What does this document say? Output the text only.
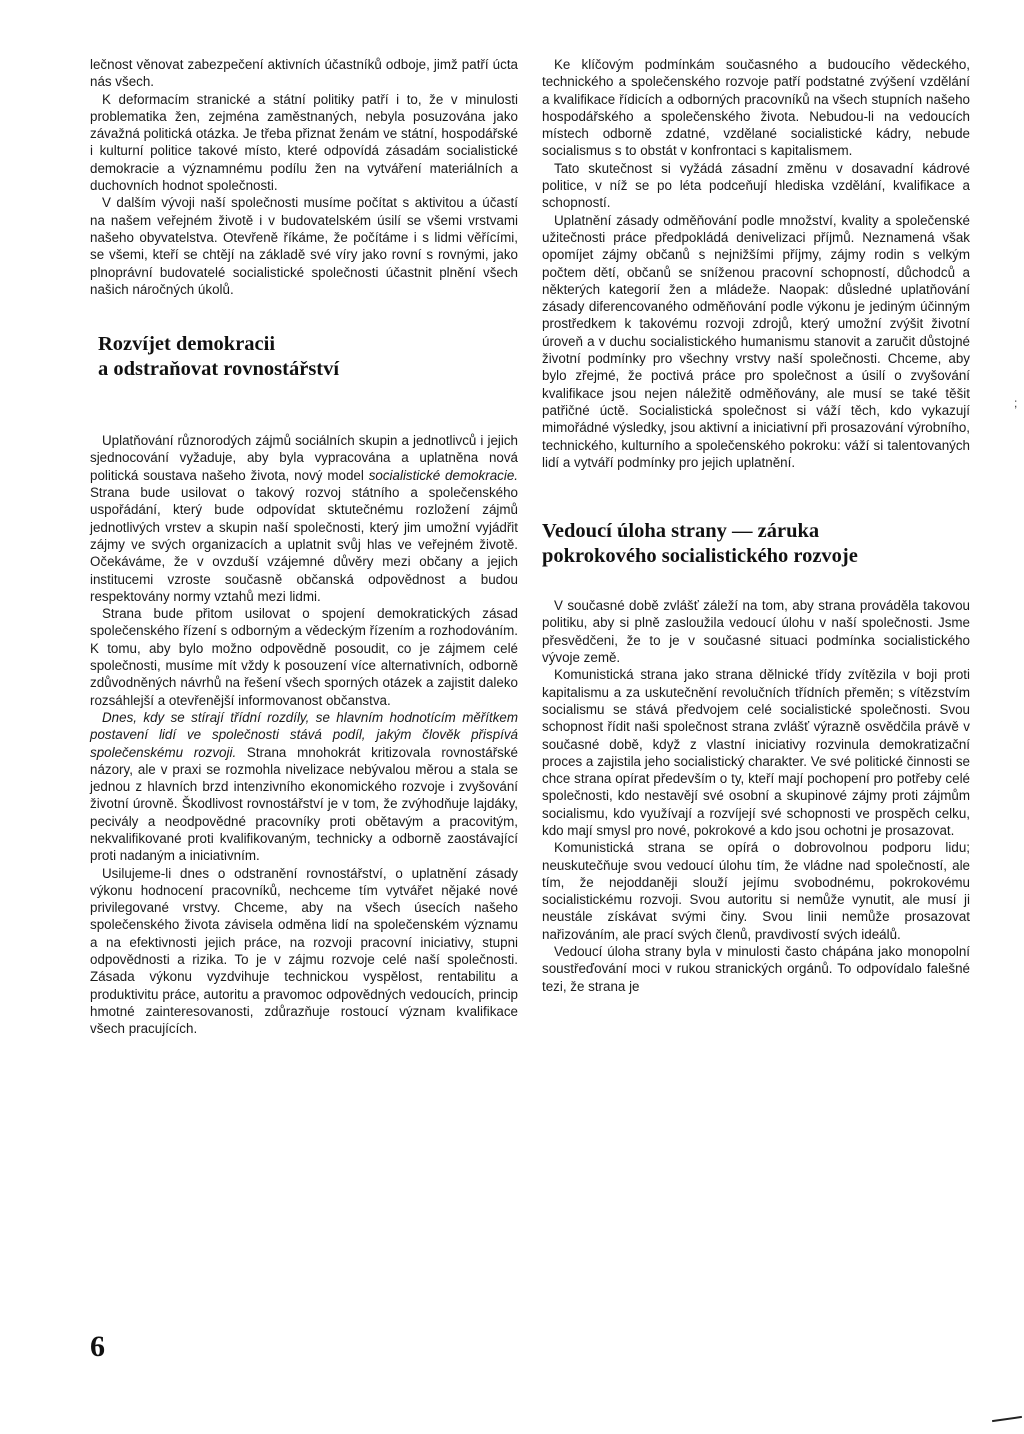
lečnost věnovat zabezpečení aktivních účastníků odboje, jimž patří úcta nás všech.

K deformacím stranické a státní politiky patří i to, že v minulosti problematika žen, zejména zaměstnaných, nebyla posuzována jako závažná politická otázka. Je třeba přiznat ženám ve státní, hospodářské i kulturní politice takové místo, které odpovídá zásadám socialistické demokracie a významnému podílu žen na vytváření materiálních a duchovních hodnot společnosti.

V dalším vývoji naší společnosti musíme počítat s aktivitou a účastí na našem veřejném životě i v budovatelském úsilí se všemi vrstvami našeho obyvatelstva. Otevřeně říkáme, že počítáme i s lidmi věřícími, se všemi, kteří se chtějí na základě své víry jako rovní s rovnými, jako plnoprávní budovatelé socialistické společnosti účastnit plnění všech našich náročných úkolů.

Rozvíjet demokracii
a odstraňovat rovnostářství

Uplatňování různorodých zájmů sociálních skupin a jednotlivců i jejich sjednocování vyžaduje, aby byla vypracována a uplatněna nová politická soustava našeho života, nový model socialistické demokracie. Strana bude usilovat o takový rozvoj státního a společenského uspořádání, který bude odpovídat sktutečnému rozložení zájmů jednotlivých vrstev a skupin naší společnosti, který jim umožní vyjádřit zájmy ve svých organizacích a uplatnit svůj hlas ve veřejném životě. Očekáváme, že v ovzduší vzájemné důvěry mezi občany a jejich institucemi vzroste současně občanská odpovědnost a budou respektovány normy vztahů mezi lidmi.

Strana bude přitom usilovat o spojení demokratických zásad společenského řízení s odborným a vědeckým řízením a rozhodováním. K tomu, aby bylo možno odpovědně posoudit, co je zájmem celé společnosti, musíme mít vždy k posouzení více alternativních, odborně zdůvodněných návrhů na řešení všech sporných otázek a zajistit daleko rozsáhlejší a otevřenější informovanost občanstva.

Dnes, kdy se stírají třídní rozdíly, se hlavním hodnotícím měřítkem postavení lidí ve společnosti stává podíl, jakým člověk přispívá společenskému rozvoji. Strana mnohokrát kritizovala rovnostářské názory, ale v praxi se rozmohla nivelizace nebývalou měrou a stala se jednou z hlavních brzd intenzivního ekonomického rozvoje i zvyšování životní úrovně. Škodlivost rovnostářství je v tom, že zvýhodňuje lajdáky, pecivály a neodpovědné pracovníky proti obětavým a pracovitým, nekvalifikované proti kvalifikovaným, technicky a odborně zaostávající proti nadaným a iniciativním.

Usilujeme-li dnes o odstranění rovnostářství, o uplatnění zásady výkonu hodnocení pracovníků, nechceme tím vytvářet nějaké nové privilegované vrstvy. Chceme, aby na všech úsecích našeho společenského života závisela odměna lidí na společenském významu a na efektivnosti jejich práce, na rozvoji pracovní iniciativy, stupni odpovědnosti a rizika. To je v zájmu rozvoje celé naší společnosti. Zásada výkonu vyzdvihuje technickou vyspělost, rentabilitu a produktivitu práce, autoritu a pravomoc odpovědných vedoucích, princip hmotné zainteresovanosti, zdůrazňuje rostoucí význam kvalifikace všech pracujících.

Ke klíčovým podmínkám současného a budoucího vědeckého, technického a společenského rozvoje patří podstatné zvýšení vzdělání a kvalifikace řídicích a odborných pracovníků na všech stupních našeho hospodářského a společenského života. Nebudou-li na vedoucích místech odborně zdatné, vzdělané socialistické kádry, nebude socialismus s to obstát v konfrontaci s kapitalismem.

Tato skutečnost si vyžádá zásadní změnu v dosavadní kádrové politice, v níž se po léta podceňují hlediska vzdělání, kvalifikace a schopností.

Uplatnění zásady odměňování podle množství, kvality a společenské užitečnosti práce předpokládá denivelizaci příjmů. Neznamená však opomíjet zájmy občanů s nejnižšími příjmy, zájmy rodin s velkým počtem dětí, občanů se sníženou pracovní schopností, důchodců a některých kategorií žen a mládeže. Naopak: důsledné uplatňování zásady diferencovaného odměňování podle výkonu je jediným účinným prostředkem k takovému rozvoji zdrojů, který umožní zvýšit životní úroveň a v duchu socialistického humanismu stanovit a zaručit důstojné životní podmínky pro všechny vrstvy naší společnosti. Chceme, aby bylo zřejmé, že poctivá práce pro společnost a úsilí o zvyšování kvalifikace jsou nejen náležitě odměňovány, ale musí se také těšit patřičné úctě. Socialistická společnost si váží těch, kdo vykazují mimořádné výsledky, jsou aktivní a iniciativní při prosazování výrobního, technického, kulturního a společenského pokroku: váží si talentovaných lidí a vytváří podmínky pro jejich uplatnění.

Vedoucí úloha strany — záruka
pokrokového socialistického rozvoje

V současné době zvlášť záleží na tom, aby strana prováděla takovou politiku, aby si plně zasloužila vedoucí úlohu v naší společnosti. Jsme přesvědčeni, že to je v současné situaci podmínka socialistického vývoje země.

Komunistická strana jako strana dělnické třídy zvítězila v boji proti kapitalismu a za uskutečnění revolučních třídních přeměn; s vítězstvím socialismu se stává předvojem celé socialistické společnosti. Svou schopnost řídit naši společnost strana zvlášť výrazně osvědčila právě v současné době, když z vlastní iniciativy rozvinula demokratizační proces a zajistila jeho socialistický charakter. Ve své politické činnosti se chce strana opírat především o ty, kteří mají pochopení pro potřeby celé společnosti, kdo nestavějí své osobní a skupinové zájmy proti zájmům socialismu, kdo využívají a rozvíjejí své schopnosti ve prospěch celku, kdo mají smysl pro nové, pokrokové a kdo jsou ochotni je prosazovat.

Komunistická strana se opírá o dobrovolnou podporu lidu; neuskutečňuje svou vedoucí úlohu tím, že vládne nad společností, ale tím, že nejoddaněji slouží jejímu svobodnému, pokrokovému socialistickému rozvoji. Svou autoritu si nemůže vynutit, ale musí ji neustále získávat svými činy. Svou linii nemůže prosazovat nařizováním, ale prací svých členů, pravdivostí svých ideálů.

Vedoucí úloha strany byla v minulosti často chápána jako monopolní soustřeďování moci v rukou stranických orgánů. To odpovídalo falešné tezi, že strana je

6
;
